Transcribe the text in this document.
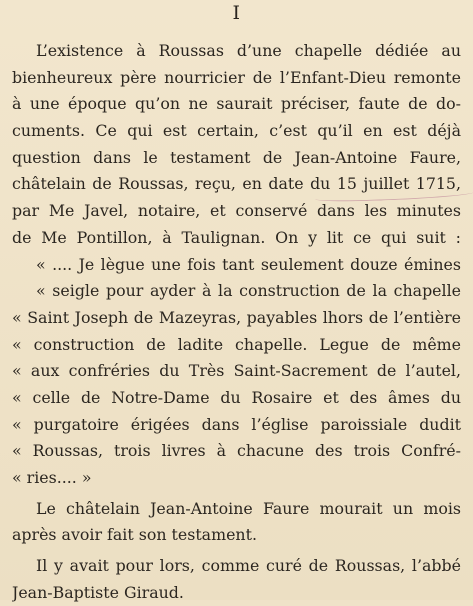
I
L’existence à Roussas d’une chapelle dédiée au
bienheureux père nourricier de l’Enfant-Dieu remonte
à une époque qu’on ne saurait préciser, faute de do-
cuments. Ce qui est certain, c’est qu’il en est déjà
question dans le testament de Jean-Antoine Faure,
châtelain de Roussas, reçu, en date du 15 juillet 1715,
par Me Javel, notaire, et conservé dans les minutes
de Me Pontillon, à Taulignan. On y lit ce qui suit :
« .... Je lègue une fois tant seulement douze émines
« seigle pour ayder à la construction de la chapelle
« Saint Joseph de Mazeyras, payables lhors de l’entière
« construction de ladite chapelle. Legue de même
« aux confréries du Très Saint-Sacrement de l’autel,
« celle de Notre-Dame du Rosaire et des âmes du
« purgatoire érigées dans l’église paroissiale dudit
« Roussas, trois livres à chacune des trois Confré-
« ries.... »
Le châtelain Jean-Antoine Faure mourait un mois
après avoir fait son testament.
Il y avait pour lors, comme curé de Roussas, l’abbé
Jean-Baptiste Giraud.
